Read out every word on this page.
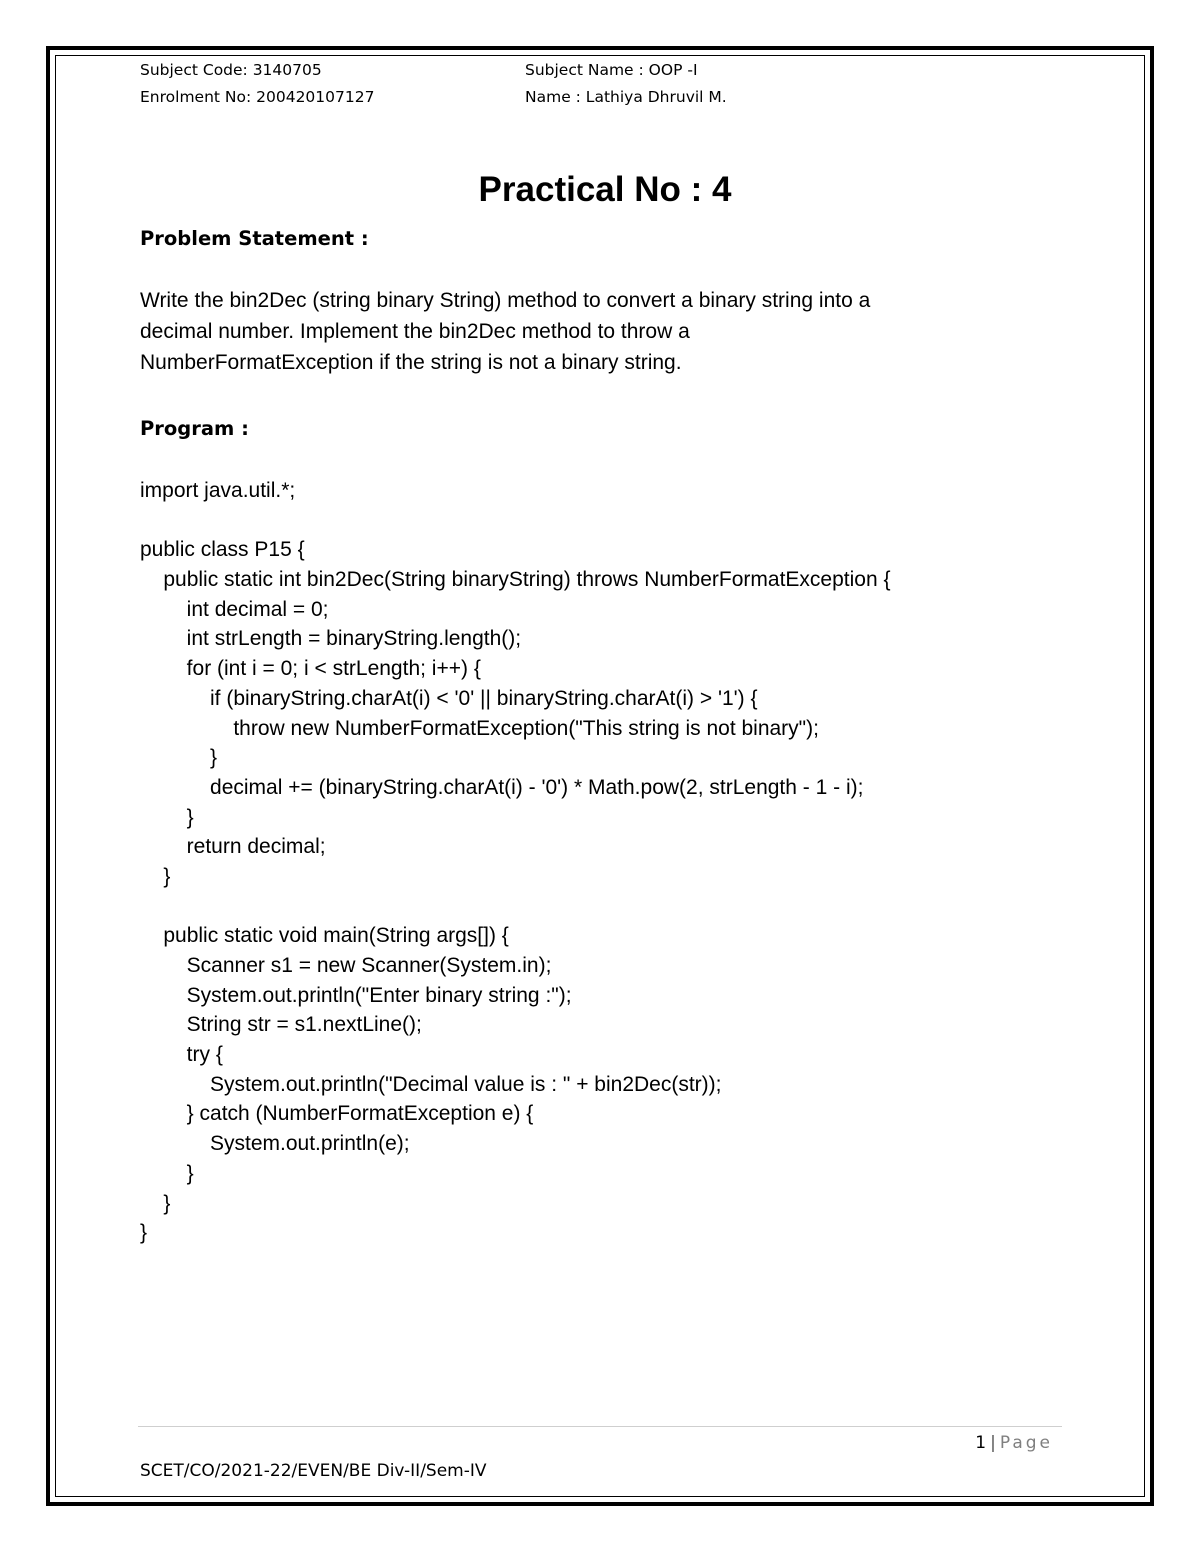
Subject Code: 3140705
Enrolment No: 200420107127
Subject Name : OOP -I
Name : Lathiya Dhruvil M.
Practical No : 4
Problem Statement :
Write the bin2Dec (string binary String) method to convert a binary string into a
decimal number. Implement the bin2Dec method to throw a
NumberFormatException if the string is not a binary string.
Program :
import java.util.*;
public class P15 {
public static int bin2Dec(String binaryString) throws NumberFormatException {
int decimal = 0;
int strLength = binaryString.length();
for (int i = 0; i < strLength; i++) {
if (binaryString.charAt(i) < '0' || binaryString.charAt(i) > '1') {
throw new NumberFormatException("This string is not binary");
}
decimal += (binaryString.charAt(i) - '0') * Math.pow(2, strLength - 1 - i);
}
return decimal;
}
public static void main(String args[]) {
Scanner s1 = new Scanner(System.in);
System.out.println("Enter binary string :");
String str = s1.nextLine();
try {
System.out.println("Decimal value is : " + bin2Dec(str));
} catch (NumberFormatException e) {
System.out.println(e);
}
}
}
1 | Page
SCET/CO/2021-22/EVEN/BE Div-II/Sem-IV
